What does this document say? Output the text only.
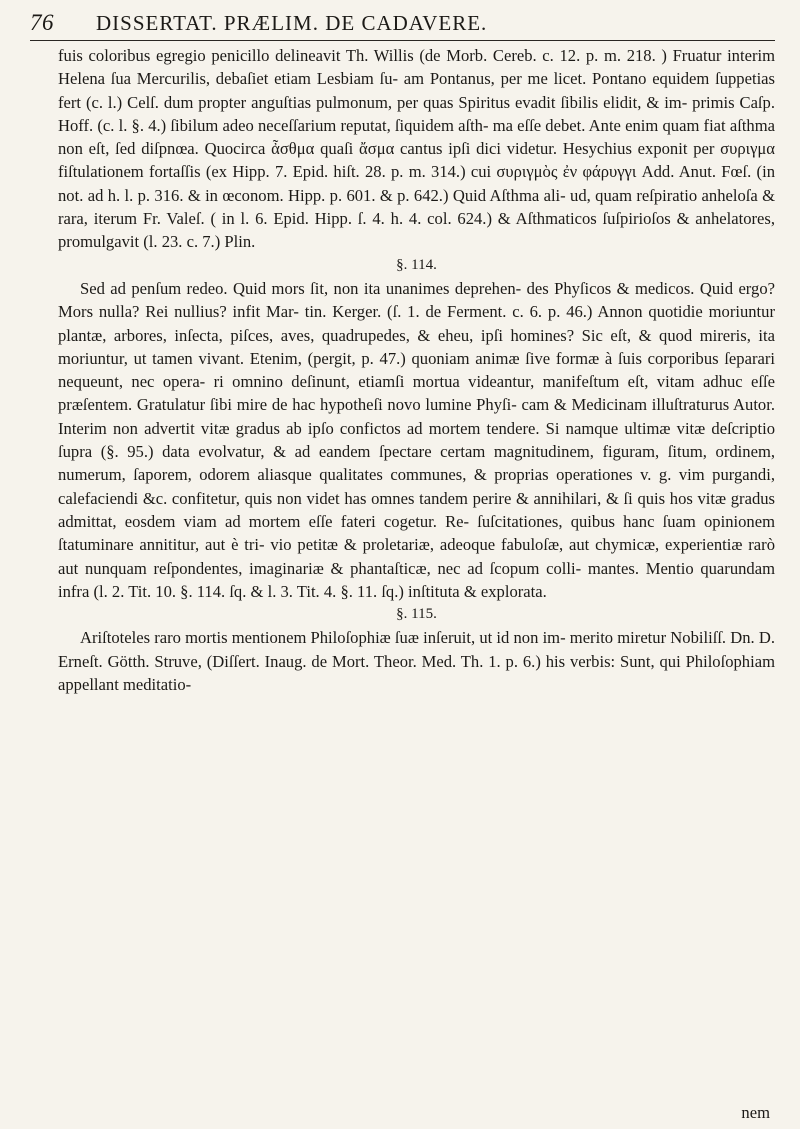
76 DISSERTAT. PRÆLIM. DE CADAVERE.

fuis coloribus egregio penicillo delineavit Th. Willis (de Morb. Cereb. c. 12. p. m. 218. ) Fruatur interim Helena ſua Mercurilis, debaſiet etiam Lesbiam ſu- am Pontanus, per me licet. Pontano equidem ſuppetias fert (c. l.) Celſ. dum propter anguſtias pulmonum, per quas Spiritus evadit ſibilis elidit, & im- primis Caſp. Hoff. (c. l. §. 4.) ſibilum adeo neceſſarium reputat, ſiquidem aſth- ma eſſe debet. Ante enim quam fiat aſthma non eſt, ſed diſpnœa. Quocirca ἆσθμα quaſi ἄσμα cantus ipſi dici videtur. Hesychius exponit per συριγμα fiſtulationem fortaſſis (ex Hipp. 7. Epid. hiſt. 28. p. m. 314.) cui συριγμὸς ἐν φάρυγγι Add. Anut. Fœſ. (in not. ad h. l. p. 316. & in œconom. Hipp. p. 601. & p. 642.) Quid Aſthma ali- ud, quam reſpiratio anheloſa & rara, iterum Fr. Valeſ. ( in l. 6. Epid. Hipp. ſ. 4. h. 4. col. 624.) & Aſthmaticos ſuſpirioſos & anhelatores, promulgavit (l. 23. c. 7.) Plin.

§. 114.

Sed ad penſum redeo. Quid mors ſit, non ita unanimes deprehen- des Phyſicos & medicos. Quid ergo? Mors nulla? Rei nullius? infit Mar- tin. Kerger. (ſ. 1. de Ferment. c. 6. p. 46.) Annon quotidie moriuntur plantæ, arbores, inſecta, piſces, aves, quadrupedes, & eheu, ipſi homines? Sic eſt, & quod mireris, ita moriuntur, ut tamen vivant. Etenim, (pergit, p. 47.) quoniam animæ ſive formæ à ſuis corporibus ſeparari nequeunt, nec opera- ri omnino deſinunt, etiamſi mortua videantur, manifeſtum eſt, vitam adhuc eſſe præſentem. Gratulatur ſibi mire de hac hypotheſi novo lumine Phyſi- cam & Medicinam illuſtraturus Autor. Interim non advertit vitæ gradus ab ipſo confictos ad mortem tendere. Si namque ultimæ vitæ deſcriptio ſupra (§. 95.) data evolvatur, & ad eandem ſpectare certam magnitudinem, figuram, ſitum, ordinem, numerum, ſaporem, odorem aliasque qualitates communes, & proprias operationes v. g. vim purgandi, calefaciendi &c. confitetur, quis non videt has omnes tandem perire & annihilari, & ſi quis hos vitæ gradus admittat, eosdem viam ad mortem eſſe fateri cogetur. Re- ſuſcitationes, quibus hanc ſuam opinionem ſtatuminare annititur, aut è tri- vio petitæ & proletariæ, adeoque fabuloſæ, aut chymicæ, experientiæ rarò aut nunquam reſpondentes, imaginariæ & phantaſticæ, nec ad ſcopum colli- mantes. Mentio quarundam infra (l. 2. Tit. 10. §. 114. ſq. & l. 3. Tit. 4. §. 11. ſq.) inſtituta & explorata.

§. 115.

Ariſtoteles raro mortis mentionem Philoſophiæ ſuæ inſeruit, ut id non im- merito miretur Nobiliſſ. Dn. D. Erneſt. Götth. Struve, (Diſſert. Inaug. de Mort. Theor. Med. Th. 1. p. 6.) his verbis: Sunt, qui Philoſophiam appellant meditatio-

nem
